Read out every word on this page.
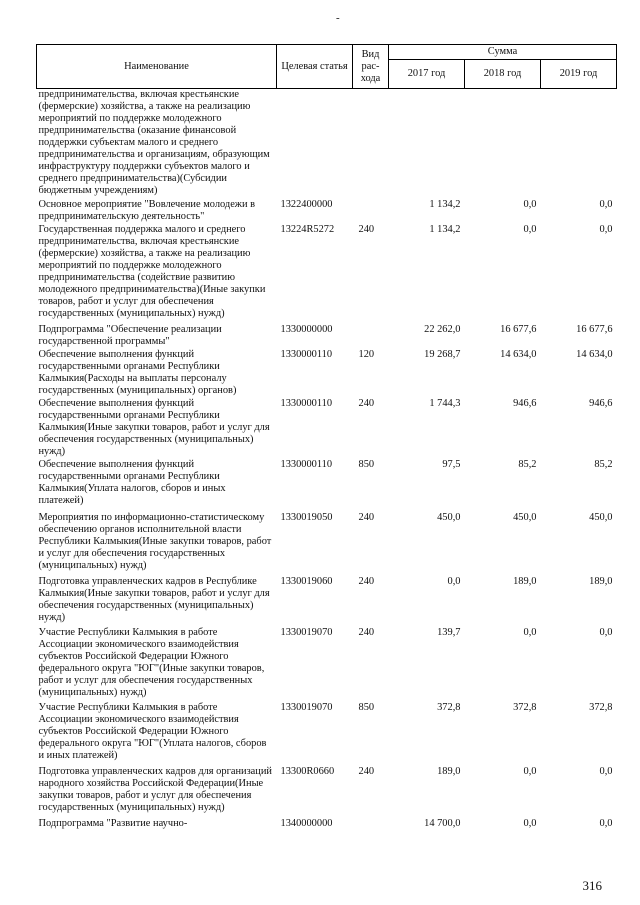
-
Наименование	Целевая статья	Вид рас-хода	Сумма		
			2017 год	2018 год	2019 год
предпринимательства, включая крестьянские (фермерские) хозяйства, а также на реализацию мероприятий по поддержке молодежного предпринимательства (оказание финансовой поддержки субъектам малого и среднего предпринимательства и организациям, образующим инфраструктуру поддержки субъектов малого и среднего предпринимательства)(Субсидии бюджетным учреждениям)					
Основное мероприятие "Вовлечение молодежи в предпринимательскую деятельность"	1322400000		1 134,2	0,0	0,0
Государственная поддержка малого и среднего предпринимательства, включая крестьянские (фермерские) хозяйства, а также на реализацию мероприятий по поддержке молодежного предпринимательства (содействие развитию молодежного предпринимательства)(Иные закупки товаров, работ и услуг для обеспечения государственных (муниципальных) нужд)	13224R5272	240	1 134,2	0,0	0,0
Подпрограмма "Обеспечение реализации государственной программы"	1330000000		22 262,0	16 677,6	16 677,6
Обеспечение выполнения функций государственными органами Республики Калмыкия(Расходы на выплаты персоналу государственных (муниципальных) органов)	1330000110	120	19 268,7	14 634,0	14 634,0
Обеспечение выполнения функций государственными органами Республики Калмыкия(Иные закупки товаров, работ и услуг для обеспечения государственных (муниципальных) нужд)	1330000110	240	1 744,3	946,6	946,6
Обеспечение выполнения функций государственными органами Республики Калмыкия(Уплата налогов, сборов и иных платежей)	1330000110	850	97,5	85,2	85,2
Мероприятия по информационно-статистическому обеспечению органов исполнительной власти Республики Калмыкия(Иные закупки товаров, работ и услуг для обеспечения государственных (муниципальных) нужд)	1330019050	240	450,0	450,0	450,0
Подготовка управленческих кадров в Республике Калмыкия(Иные закупки товаров, работ и услуг для обеспечения государственных (муниципальных) нужд)	1330019060	240	0,0	189,0	189,0
Участие Республики Калмыкия в работе Ассоциации экономического взаимодействия субъектов Российской Федерации Южного федерального округа "ЮГ"(Иные закупки товаров, работ и услуг для обеспечения государственных (муниципальных) нужд)	1330019070	240	139,7	0,0	0,0
Участие Республики Калмыкия в работе Ассоциации экономического взаимодействия субъектов Российской Федерации Южного федерального округа "ЮГ"(Уплата налогов, сборов и иных платежей)	1330019070	850	372,8	372,8	372,8
Подготовка управленческих кадров для организаций народного хозяйства Российской Федерации(Иные закупки товаров, работ и услуг для обеспечения государственных (муниципальных) нужд)	13300R0660	240	189,0	0,0	0,0
Подпрограмма "Развитие научно-	1340000000		14 700,0	0,0	0,0
316
